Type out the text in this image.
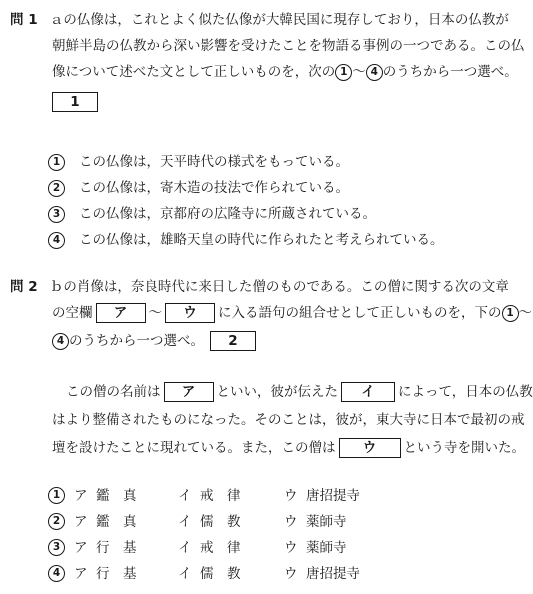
問 1 ａの仏像は，これとよく似た仏像が大韓民国に現存しており，日本の仏教が
朝鮮半島の仏教から深い影響を受けたことを物語る事例の一つである。この仏
像について述べた文として正しいものを，次の 1 ～ 4 のうちから一つ選べ。
1
1 この仏像は，天平時代の様式をもっている。
2 この仏像は，寄木造の技法で作られている。
3 この仏像は，京都府の広隆寺に所蔵されている。
4 この仏像は，雄略天皇の時代に作られたと考えられている。
問 2 ｂの肖像は，奈良時代に来日した僧のものである。この僧に関する次の文章
の空欄 ア ～ ウ に入る語句の組合せとして正しいものを，下の 1 ～
4 のうちから一つ選べ。 2
この僧の名前は ア といい，彼が伝えた イ によって，日本の仏教
はより整備されたものになった。そのことは，彼が，東大寺に日本で最初の戒
壇を設けたことに現れている。また，この僧は ウ という寺を開いた。
1	ア 鑑　真	イ 戒　律	ウ 唐招提寺
2	ア 鑑　真	イ 儒　教	ウ 薬師寺
3	ア 行　基	イ 戒　律	ウ 薬師寺
4	ア 行　基	イ 儒　教	ウ 唐招提寺
